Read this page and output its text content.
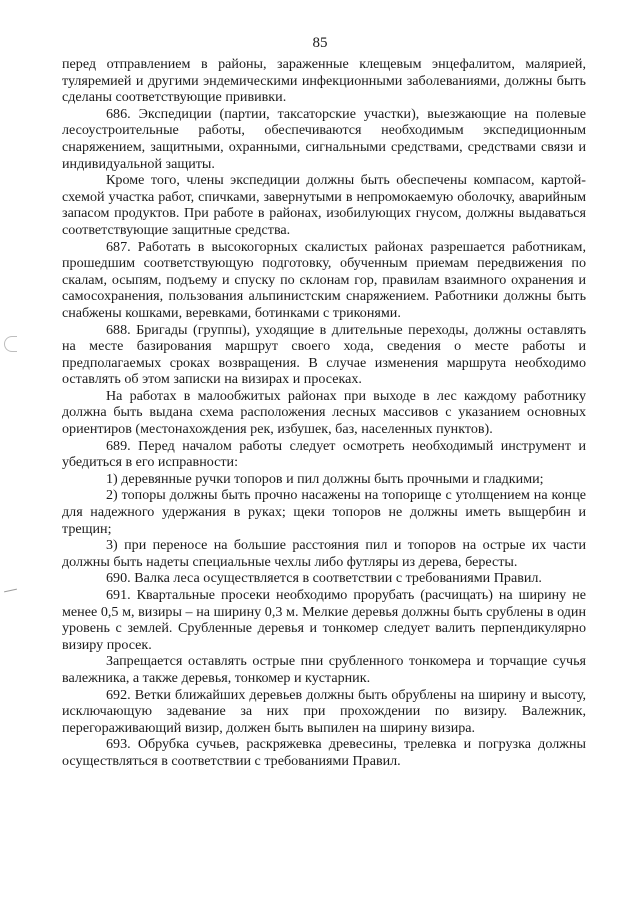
85

перед отправлением в районы, зараженные клещевым энцефалитом, малярией, туляремией и другими эндемическими инфекционными заболеваниями, должны быть сделаны соответствующие прививки.

686. Экспедиции (партии, таксаторские участки), выезжающие на полевые лесоустроительные работы, обеспечиваются необходимым экспедиционным снаряжением, защитными, охранными, сигнальными средствами, средствами связи и индивидуальной защиты.

Кроме того, члены экспедиции должны быть обеспечены компасом, картой-схемой участка работ, спичками, завернутыми в непромокаемую оболочку, аварийным запасом продуктов. При работе в районах, изобилующих гнусом, должны выдаваться соответствующие защитные средства.

687. Работать в высокогорных скалистых районах разрешается работникам, прошедшим соответствующую подготовку, обученным приемам передвижения по скалам, осыпям, подъему и спуску по склонам гор, правилам взаимного охранения и самосохранения, пользования альпинистским снаряжением. Работники должны быть снабжены кошками, веревками, ботинками с триконями.

688. Бригады (группы), уходящие в длительные переходы, должны оставлять на месте базирования маршрут своего хода, сведения о месте работы и предполагаемых сроках возвращения. В случае изменения маршрута необходимо оставлять об этом записки на визирах и просеках.

На работах в малообжитых районах при выходе в лес каждому работнику должна быть выдана схема расположения лесных массивов с указанием основных ориентиров (местонахождения рек, избушек, баз, населенных пунктов).

689. Перед началом работы следует осмотреть необходимый инструмент и убедиться в его исправности:

1) деревянные ручки топоров и пил должны быть прочными и гладкими;

2) топоры должны быть прочно насажены на топорище с утолщением на конце для надежного удержания в руках; щеки топоров не должны иметь выщербин и трещин;

3) при переносе на большие расстояния пил и топоров на острые их части должны быть надеты специальные чехлы либо футляры из дерева, бересты.

690. Валка леса осуществляется в соответствии с требованиями Правил.

691. Квартальные просеки необходимо прорубать (расчищать) на ширину не менее 0,5 м, визиры – на ширину 0,3 м. Мелкие деревья должны быть срублены в один уровень с землей. Срубленные деревья и тонкомер следует валить перпендикулярно визиру просек.

Запрещается оставлять острые пни срубленного тонкомера и торчащие сучья валежника, а также деревья, тонкомер и кустарник.

692. Ветки ближайших деревьев должны быть обрублены на ширину и высоту, исключающую задевание за них при прохождении по визиру. Валежник, перегораживающий визир, должен быть выпилен на ширину визира.

693. Обрубка сучьев, раскряжевка древесины, трелевка и погрузка должны осуществляться в соответствии с требованиями Правил.
